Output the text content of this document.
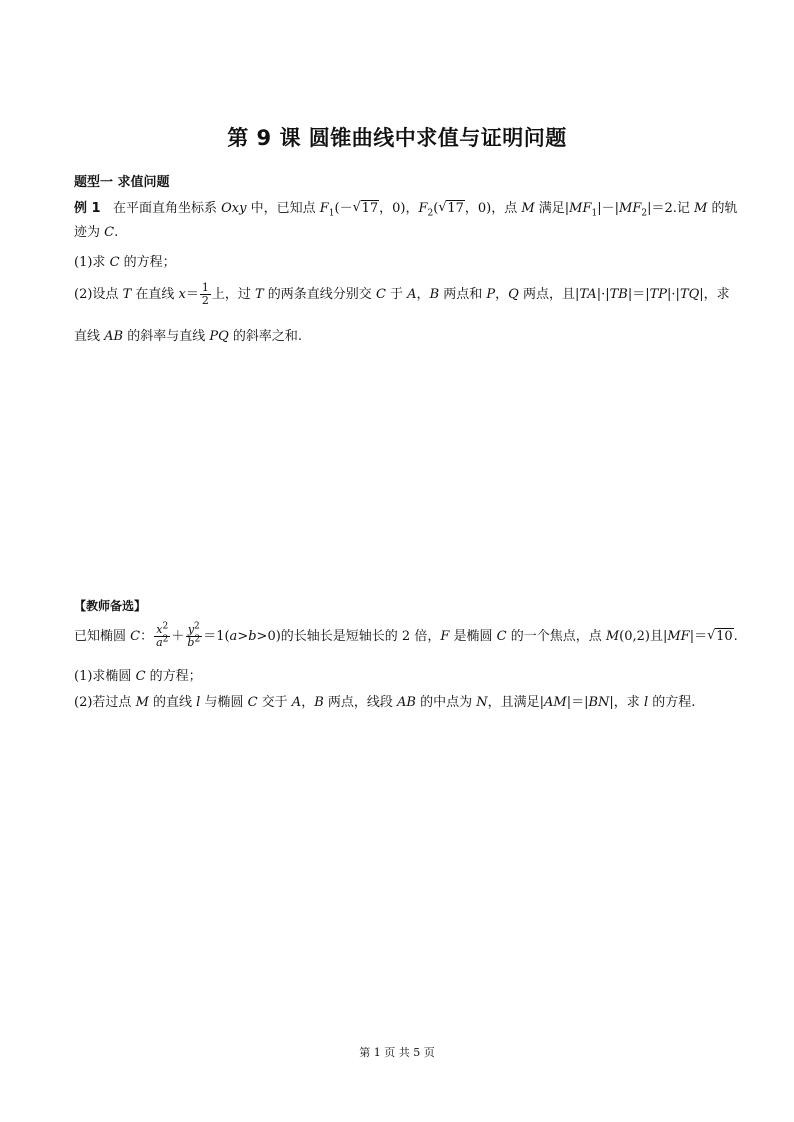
第 9 课 圆锥曲线中求值与证明问题
题型一 求值问题
例 1 在平面直角坐标系 Oxy 中，已知点 $F_1(-√$ 17，0)，$F_2(√$ 17，0)，点 M 满足$|MF_1|-|MF_2|=2$.记 M 的轨
迹为 C.
(1)求 C 的方程；
(2)设点 T 在直线 $x= \frac{1}{2}$ 上，过 T 的两条直线分别交 C 于 A，B 两点和 P，Q 两点，且|TA|·|TB|＝|TP|·|TQ|，求
直线 AB 的斜率与直线 PQ 的斜率之和.
【教师备选】
已知椭圆 C： $\frac{x^2}{a^2} + \frac{y^2}{b^2} =1(a>b>0)$的长轴长是短轴长的 2 倍，F 是椭圆 C 的一个焦点，点 M(0,2)且|MF|＝√ 10.
(1)求椭圆 C 的方程；
(2)若过点 M 的直线 l 与椭圆 C 交于 A，B 两点，线段 AB 的中点为 N，且满足|AM|＝|BN|，求 l 的方程.
第 1 页 共 5 页
